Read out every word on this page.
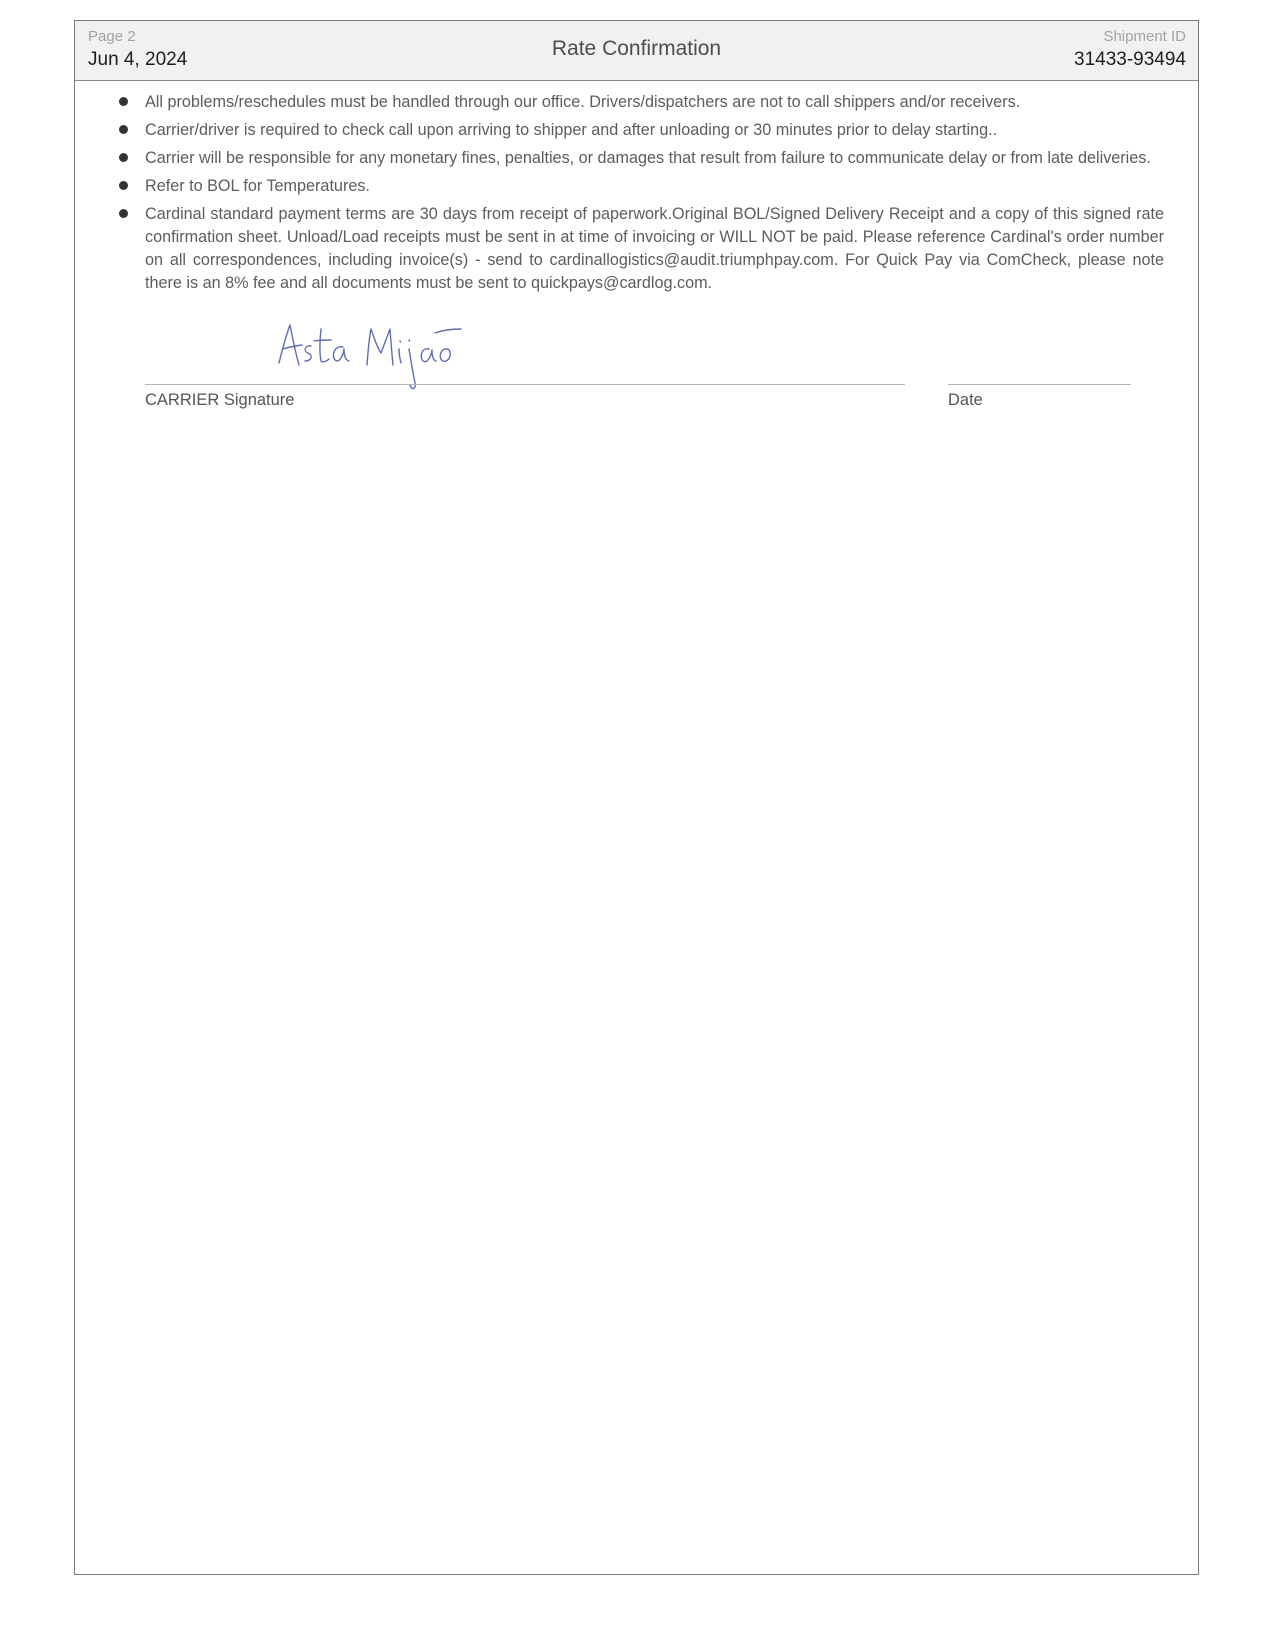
Page 2
Jun 4, 2024	Rate Confirmation
Shipment ID
31433-93494
All problems/reschedules must be handled through our office. Drivers/dispatchers are not to call shippers and/or receivers.
Carrier/driver is required to check call upon arriving to shipper and after unloading or 30 minutes prior to delay starting..
Carrier will be responsible for any monetary fines, penalties, or damages that result from failure to communicate delay or from late deliveries.
Refer to BOL for Temperatures.
Cardinal standard payment terms are 30 days from receipt of paperwork.Original BOL/Signed Delivery Receipt and a copy of this signed rate confirmation sheet. Unload/Load receipts must be sent in at time of invoicing or WILL NOT be paid. Please reference Cardinal's order number on all correspondences, including invoice(s) - send to cardinallogistics@audit.triumphpay.com. For Quick Pay via ComCheck, please note there is an 8% fee and all documents must be sent to quickpays@cardlog.com.
CARRIER Signature	Date
